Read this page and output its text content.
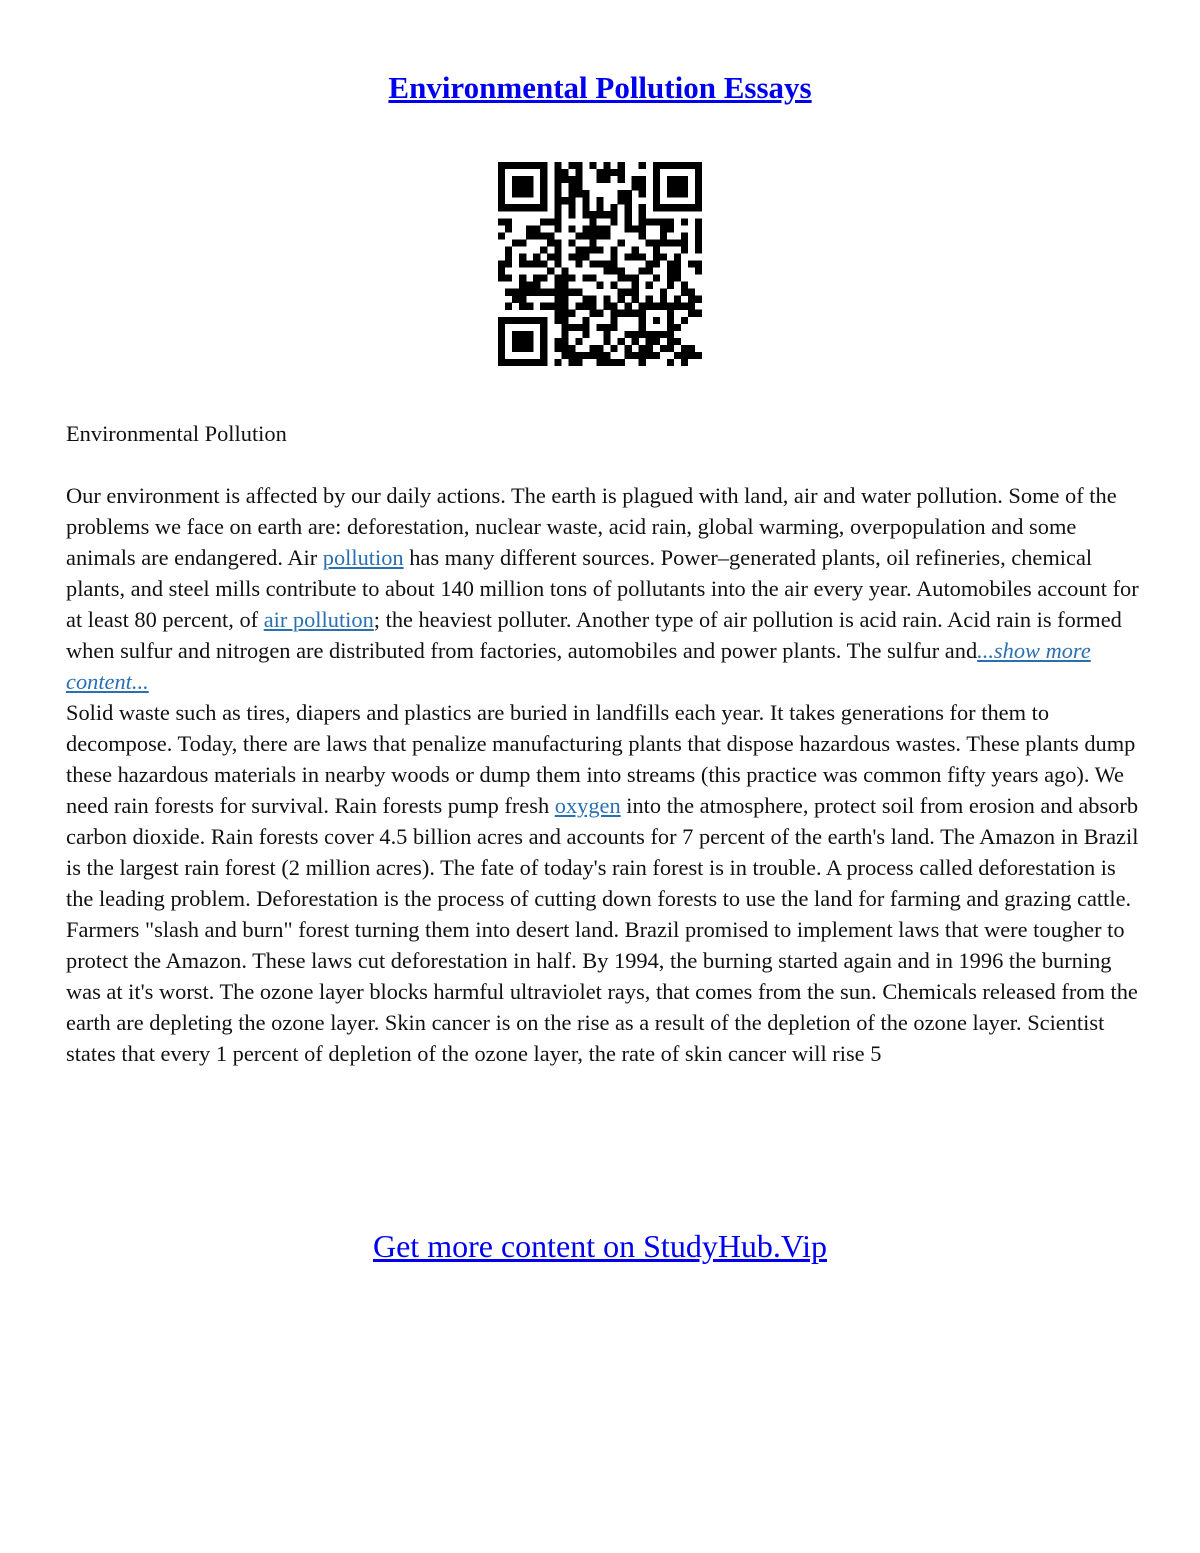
Environmental Pollution Essays

Environmental Pollution

Our environment is affected by our daily actions. The earth is plagued with land, air and water pollution. Some of the problems we face on earth are: deforestation, nuclear waste, acid rain, global warming, overpopulation and some animals are endangered. Air pollution has many different sources. Power–generated plants, oil refineries, chemical plants, and steel mills contribute to about 140 million tons of pollutants into the air every year. Automobiles account for at least 80 percent, of air pollution; the heaviest polluter. Another type of air pollution is acid rain. Acid rain is formed when sulfur and nitrogen are distributed from factories, automobiles and power plants. The sulfur and...show more content...

Solid waste such as tires, diapers and plastics are buried in landfills each year. It takes generations for them to decompose. Today, there are laws that penalize manufacturing plants that dispose hazardous wastes. These plants dump these hazardous materials in nearby woods or dump them into streams (this practice was common fifty years ago). We need rain forests for survival. Rain forests pump fresh oxygen into the atmosphere, protect soil from erosion and absorb carbon dioxide. Rain forests cover 4.5 billion acres and accounts for 7 percent of the earth's land. The Amazon in Brazil is the largest rain forest (2 million acres). The fate of today's rain forest is in trouble. A process called deforestation is the leading problem. Deforestation is the process of cutting down forests to use the land for farming and grazing cattle. Farmers "slash and burn" forest turning them into desert land. Brazil promised to implement laws that were tougher to protect the Amazon. These laws cut deforestation in half. By 1994, the burning started again and in 1996 the burning was at it's worst. The ozone layer blocks harmful ultraviolet rays, that comes from the sun. Chemicals released from the earth are depleting the ozone layer. Skin cancer is on the rise as a result of the depletion of the ozone layer. Scientist states that every 1 percent of depletion of the ozone layer, the rate of skin cancer will rise 5

Get more content on StudyHub.Vip
